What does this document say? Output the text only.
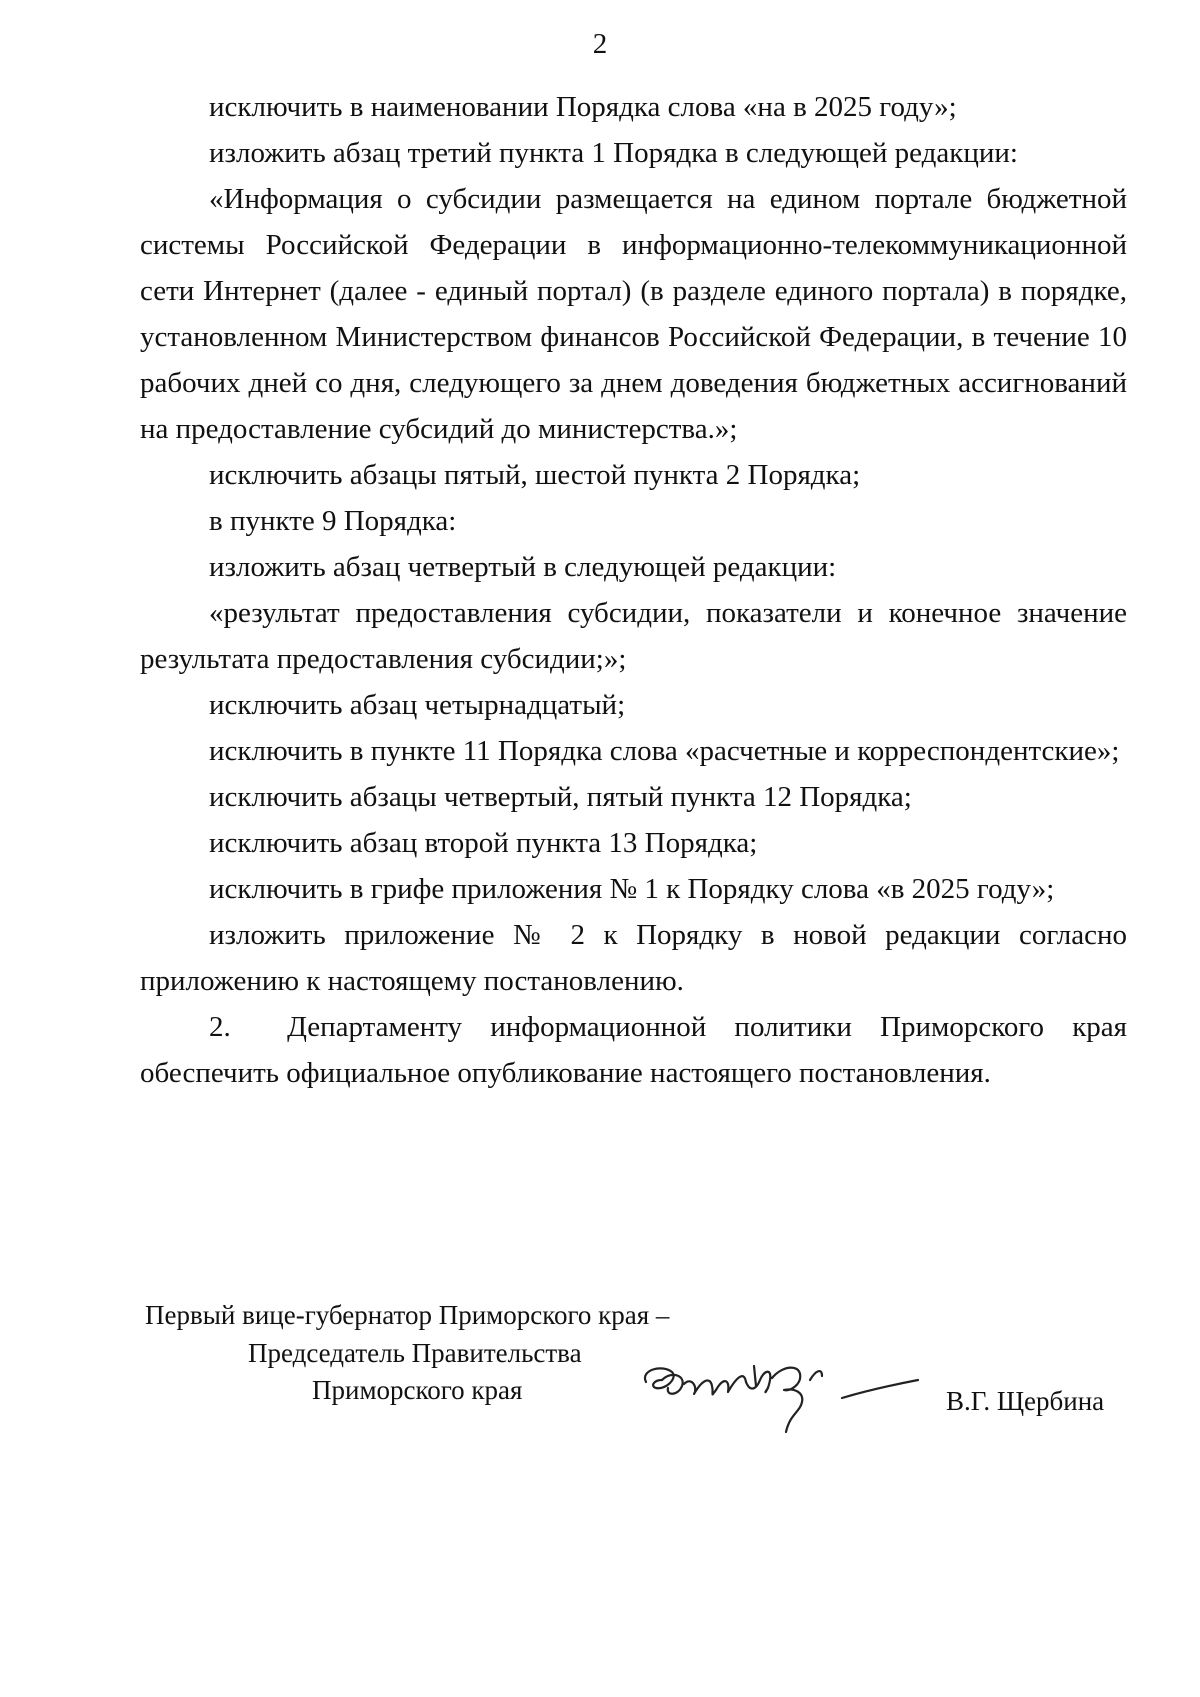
2

исключить в наименовании Порядка слова «на в 2025 году»;

изложить абзац третий пункта 1 Порядка в следующей редакции:

«Информация о субсидии размещается на едином портале бюджетной системы Российской Федерации в информационно-телекоммуникационной сети Интернет (далее - единый портал) (в разделе единого портала) в порядке, установленном Министерством финансов Российской Федерации, в течение 10 рабочих дней со дня, следующего за днем доведения бюджетных ассигнований на предоставление субсидий до министерства.»;

исключить абзацы пятый, шестой пункта 2 Порядка;

в пункте 9 Порядка:

изложить абзац четвертый в следующей редакции:

«результат предоставления субсидии, показатели и конечное значение результата предоставления субсидии;»;

исключить абзац четырнадцатый;

исключить в пункте 11 Порядка слова «расчетные и корреспондентские»;

исключить абзацы четвертый, пятый пункта 12 Порядка;

исключить абзац второй пункта 13 Порядка;

исключить в грифе приложения № 1 к Порядку слова «в 2025 году»;

изложить приложение № 2 к Порядку в новой редакции согласно приложению к настоящему постановлению.

2.  Департаменту информационной политики Приморского края обеспечить официальное опубликование настоящего постановления.

Первый вице-губернатор Приморского края –
Председатель Правительства
Приморского края	В.Г. Щербина
